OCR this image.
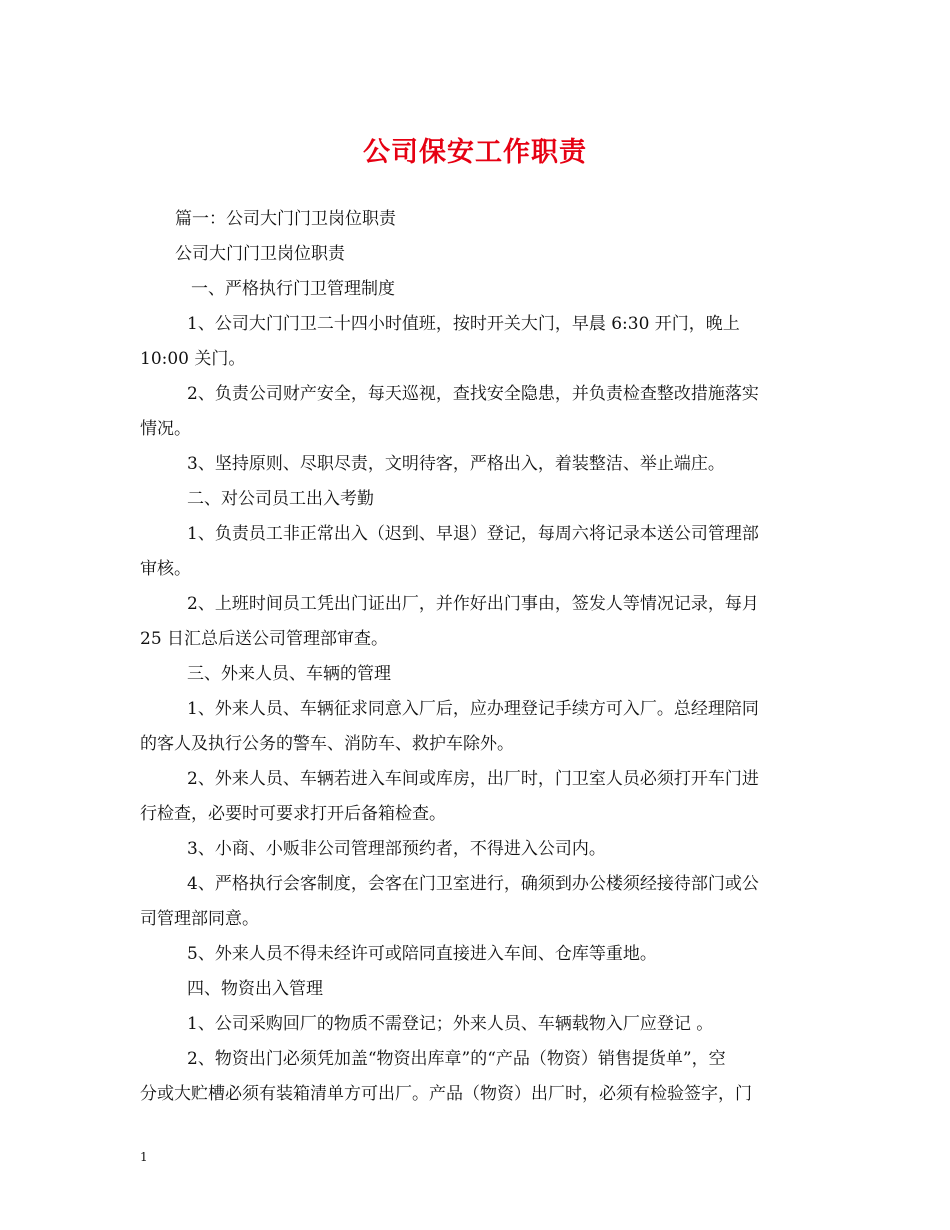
公司保安工作职责
篇一：公司大门门卫岗位职责
公司大门门卫岗位职责
一、严格执行门卫管理制度
1、公司大门门卫二十四小时值班，按时开关大门，早晨 6:30 开门，晚上
10:00 关门。
2、负责公司财产安全，每天巡视，查找安全隐患，并负责检查整改措施落实
情况。
3、坚持原则、尽职尽责，文明待客，严格出入，着装整洁、举止端庄。
二、对公司员工出入考勤
1、负责员工非正常出入（迟到、早退）登记，每周六将记录本送公司管理部
审核。
2、上班时间员工凭出门证出厂，并作好出门事由，签发人等情况记录，每月
25 日汇总后送公司管理部审查。
三、外来人员、车辆的管理
1、外来人员、车辆征求同意入厂后，应办理登记手续方可入厂。总经理陪同
的客人及执行公务的警车、消防车、救护车除外。
2、外来人员、车辆若进入车间或库房，出厂时，门卫室人员必须打开车门进
行检查，必要时可要求打开后备箱检查。
3、小商、小贩非公司管理部预约者，不得进入公司内。
4、严格执行会客制度，会客在门卫室进行，确须到办公楼须经接待部门或公
司管理部同意。
5、外来人员不得未经许可或陪同直接进入车间、仓库等重地。
四、物资出入管理
1、公司采购回厂的物质不需登记；外来人员、车辆载物入厂应登记 。
2、物资出门必须凭加盖“物资出库章”的“产品（物资）销售提货单”，空
分或大贮槽必须有装箱清单方可出厂。产品（物资）出厂时，必须有检验签字，门
1
